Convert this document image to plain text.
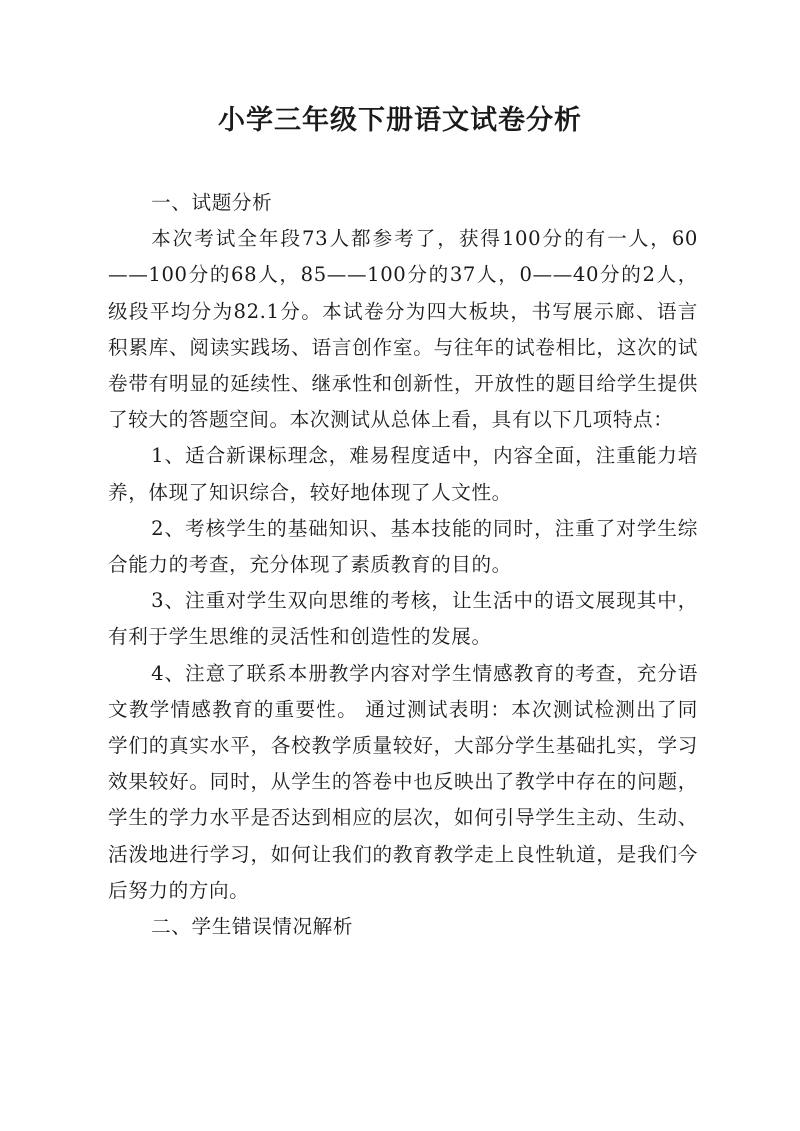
小学三年级下册语文试卷分析

一、试题分析

本次考试全年段73人都参考了，获得100分的有一人，60——100分的68人，85——100分的37人，0——40分的2人，级段平均分为82.1分。本试卷分为四大板块，书写展示廊、语言积累库、阅读实践场、语言创作室。与往年的试卷相比，这次的试卷带有明显的延续性、继承性和创新性，开放性的题目给学生提供了较大的答题空间。本次测试从总体上看，具有以下几项特点：

1、适合新课标理念，难易程度适中，内容全面，注重能力培养，体现了知识综合，较好地体现了人文性。

2、考核学生的基础知识、基本技能的同时，注重了对学生综合能力的考查，充分体现了素质教育的目的。

3、注重对学生双向思维的考核，让生活中的语文展现其中，有利于学生思维的灵活性和创造性的发展。

4、注意了联系本册教学内容对学生情感教育的考查，充分语文教学情感教育的重要性。 通过测试表明：本次测试检测出了同学们的真实水平，各校教学质量较好，大部分学生基础扎实，学习效果较好。同时，从学生的答卷中也反映出了教学中存在的问题，学生的学力水平是否达到相应的层次，如何引导学生主动、生动、活泼地进行学习，如何让我们的教育教学走上良性轨道，是我们今后努力的方向。

二、学生错误情况解析
